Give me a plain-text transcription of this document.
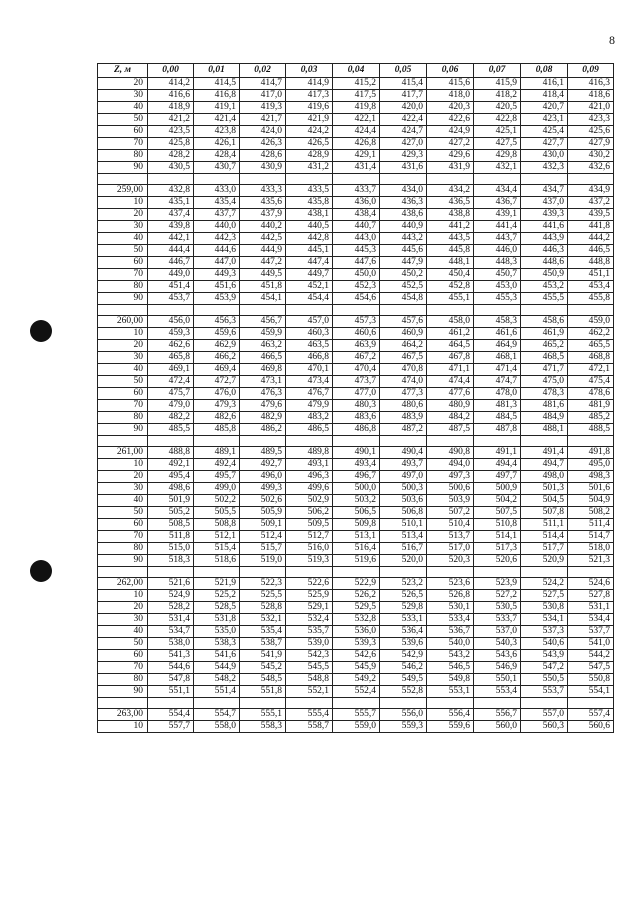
8
Z, м	0,00	0,01	0,02	0,03	0,04	0,05	0,06	0,07	0,08	0,09
20	414,2	414,5	414,7	414,9	415,2	415,4	415,6	415,9	416,1	416,3
30	416,6	416,8	417,0	417,3	417,5	417,7	418,0	418,2	418,4	418,6
40	418,9	419,1	419,3	419,6	419,8	420,0	420,3	420,5	420,7	421,0
50	421,2	421,4	421,7	421,9	422,1	422,4	422,6	422,8	423,1	423,3
60	423,5	423,8	424,0	424,2	424,4	424,7	424,9	425,1	425,4	425,6
70	425,8	426,1	426,3	426,5	426,8	427,0	427,2	427,5	427,7	427,9
80	428,2	428,4	428,6	428,9	429,1	429,3	429,6	429,8	430,0	430,2
90	430,5	430,7	430,9	431,2	431,4	431,6	431,9	432,1	432,3	432,6

259,00	432,8	433,0	433,3	433,5	433,7	434,0	434,2	434,4	434,7	434,9
10	435,1	435,4	435,6	435,8	436,0	436,3	436,5	436,7	437,0	437,2
20	437,4	437,7	437,9	438,1	438,4	438,6	438,8	439,1	439,3	439,5
30	439,8	440,0	440,2	440,5	440,7	440,9	441,2	441,4	441,6	441,8
40	442,1	442,3	442,5	442,8	443,0	443,2	443,5	443,7	443,9	444,2
50	444,4	444,6	444,9	445,1	445,3	445,6	445,8	446,0	446,3	446,5
60	446,7	447,0	447,2	447,4	447,6	447,9	448,1	448,3	448,6	448,8
70	449,0	449,3	449,5	449,7	450,0	450,2	450,4	450,7	450,9	451,1
80	451,4	451,6	451,8	452,1	452,3	452,5	452,8	453,0	453,2	453,4
90	453,7	453,9	454,1	454,4	454,6	454,8	455,1	455,3	455,5	455,8

260,00	456,0	456,3	456,7	457,0	457,3	457,6	458,0	458,3	458,6	459,0
10	459,3	459,6	459,9	460,3	460,6	460,9	461,2	461,6	461,9	462,2
20	462,6	462,9	463,2	463,5	463,9	464,2	464,5	464,9	465,2	465,5
30	465,8	466,2	466,5	466,8	467,2	467,5	467,8	468,1	468,5	468,8
40	469,1	469,4	469,8	470,1	470,4	470,8	471,1	471,4	471,7	472,1
50	472,4	472,7	473,1	473,4	473,7	474,0	474,4	474,7	475,0	475,4
60	475,7	476,0	476,3	476,7	477,0	477,3	477,6	478,0	478,3	478,6
70	479,0	479,3	479,6	479,9	480,3	480,6	480,9	481,3	481,6	481,9
80	482,2	482,6	482,9	483,2	483,6	483,9	484,2	484,5	484,9	485,2
90	485,5	485,8	486,2	486,5	486,8	487,2	487,5	487,8	488,1	488,5

261,00	488,8	489,1	489,5	489,8	490,1	490,4	490,8	491,1	491,4	491,8
10	492,1	492,4	492,7	493,1	493,4	493,7	494,0	494,4	494,7	495,0
20	495,4	495,7	496,0	496,3	496,7	497,0	497,3	497,7	498,0	498,3
30	498,6	499,0	499,3	499,6	500,0	500,3	500,6	500,9	501,3	501,6
40	501,9	502,2	502,6	502,9	503,2	503,6	503,9	504,2	504,5	504,9
50	505,2	505,5	505,9	506,2	506,5	506,8	507,2	507,5	507,8	508,2
60	508,5	508,8	509,1	509,5	509,8	510,1	510,4	510,8	511,1	511,4
70	511,8	512,1	512,4	512,7	513,1	513,4	513,7	514,1	514,4	514,7
80	515,0	515,4	515,7	516,0	516,4	516,7	517,0	517,3	517,7	518,0
90	518,3	518,6	519,0	519,3	519,6	520,0	520,3	520,6	520,9	521,3

262,00	521,6	521,9	522,3	522,6	522,9	523,2	523,6	523,9	524,2	524,6
10	524,9	525,2	525,5	525,9	526,2	526,5	526,8	527,2	527,5	527,8
20	528,2	528,5	528,8	529,1	529,5	529,8	530,1	530,5	530,8	531,1
30	531,4	531,8	532,1	532,4	532,8	533,1	533,4	533,7	534,1	534,4
40	534,7	535,0	535,4	535,7	536,0	536,4	536,7	537,0	537,3	537,7
50	538,0	538,3	538,7	539,0	539,3	539,6	540,0	540,3	540,6	541,0
60	541,3	541,6	541,9	542,3	542,6	542,9	543,2	543,6	543,9	544,2
70	544,6	544,9	545,2	545,5	545,9	546,2	546,5	546,9	547,2	547,5
80	547,8	548,2	548,5	548,8	549,2	549,5	549,8	550,1	550,5	550,8
90	551,1	551,4	551,8	552,1	552,4	552,8	553,1	553,4	553,7	554,1

263,00	554,4	554,7	555,1	555,4	555,7	556,0	556,4	556,7	557,0	557,4
10	557,7	558,0	558,3	558,7	559,0	559,3	559,6	560,0	560,3	560,6
